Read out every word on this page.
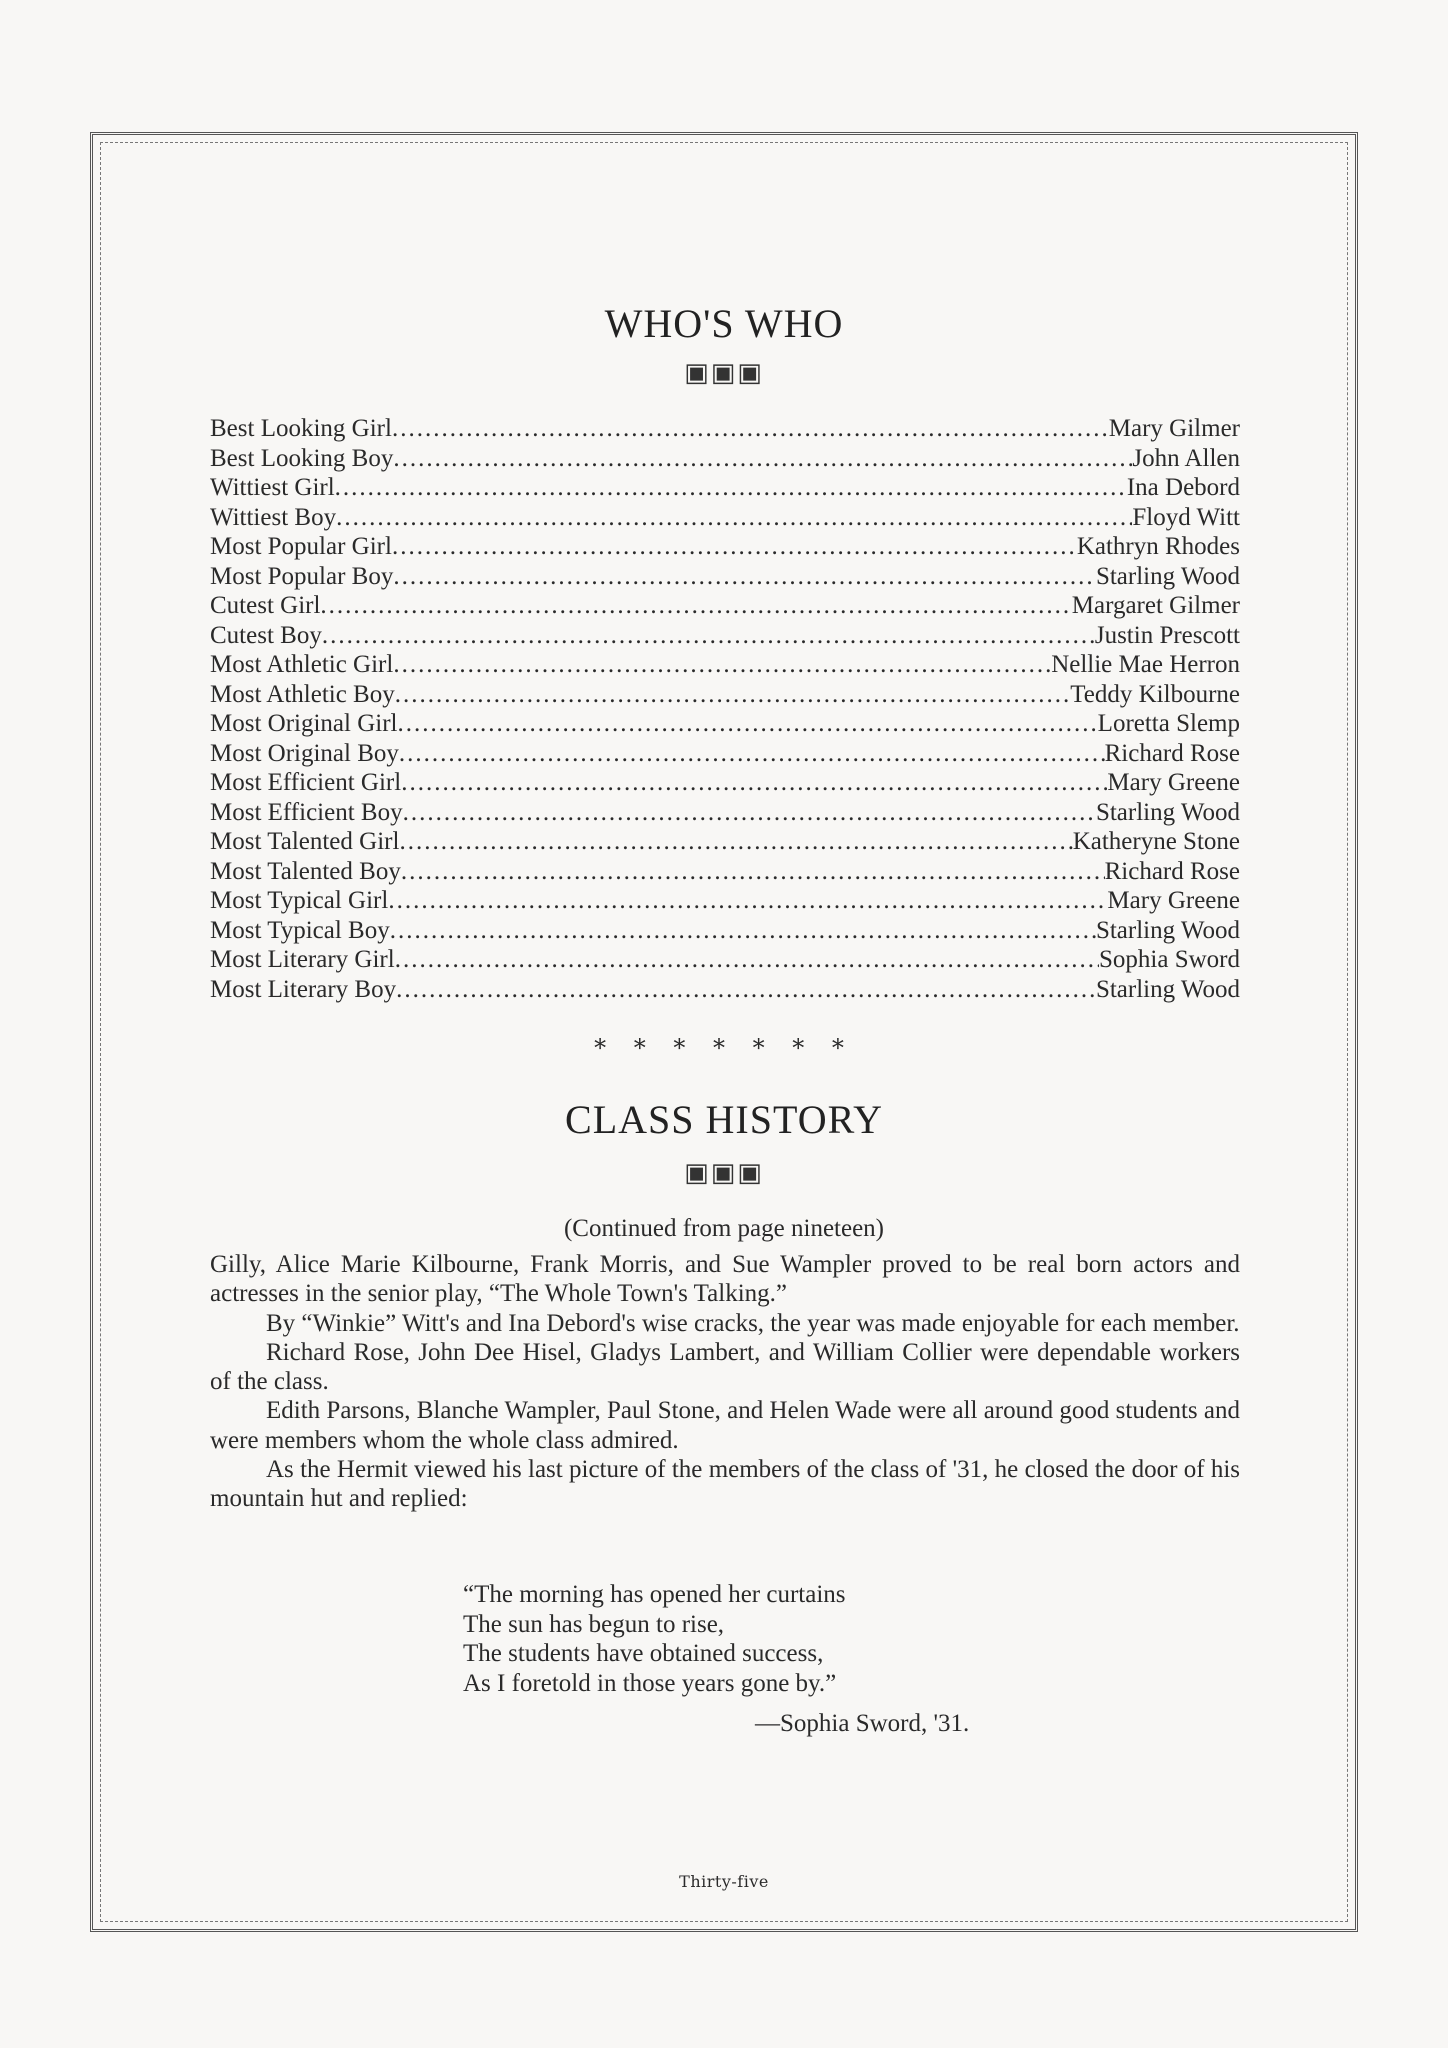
WHO'S WHO
▣▣▣
Best Looking Girl .....	Mary Gilmer
Best Looking Boy .....	John Allen
Wittiest Girl .....	Ina Debord
Wittiest Boy .....	Floyd Witt
Most Popular Girl .....	Kathryn Rhodes
Most Popular Boy .....	Starling Wood
Cutest Girl .....	Margaret Gilmer
Cutest Boy .....	Justin Prescott
Most Athletic Girl .....	Nellie Mae Herron
Most Athletic Boy .....	Teddy Kilbourne
Most Original Girl .....	Loretta Slemp
Most Original Boy .....	Richard Rose
Most Efficient Girl .....	Mary Greene
Most Efficient Boy .....	Starling Wood
Most Talented Girl .....	Katheryne Stone
Most Talented Boy .....	Richard Rose
Most Typical Girl .....	Mary Greene
Most Typical Boy .....	Starling Wood
Most Literary Girl .....	Sophia Sword
Most Literary Boy .....	Starling Wood
* * * * * * *
CLASS HISTORY
▣▣▣
(Continued from page nineteen)

Gilly, Alice Marie Kilbourne, Frank Morris, and Sue Wampler proved to be real born actors and actresses in the senior play, “The Whole Town's Talking.”

By “Winkie” Witt's and Ina Debord's wise cracks, the year was made enjoyable for each member.

Richard Rose, John Dee Hisel, Gladys Lambert, and William Collier were dependable workers of the class.

Edith Parsons, Blanche Wampler, Paul Stone, and Helen Wade were all around good students and were members whom the whole class admired.

As the Hermit viewed his last picture of the members of the class of '31, he closed the door of his mountain hut and replied:

“The morning has opened her curtains
The sun has begun to rise,
The students have obtained success,
As I foretold in those years gone by.”
—Sophia Sword, '31.
Thirty-five
